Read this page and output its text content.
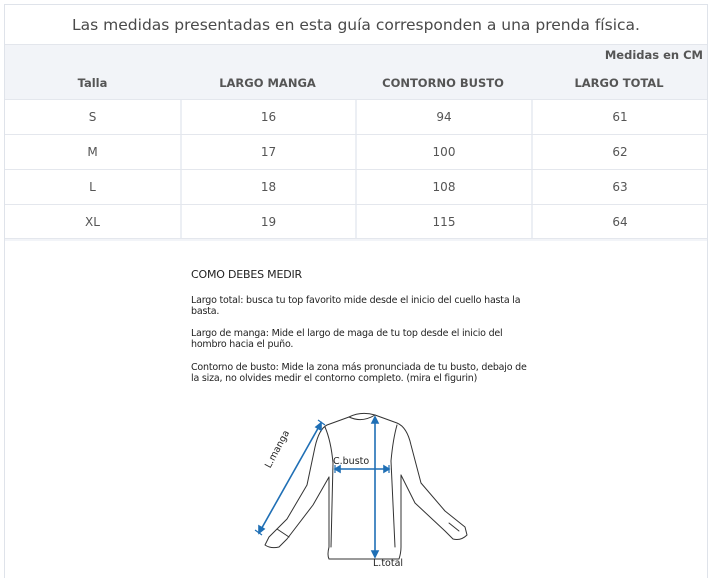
Las medidas presentadas en esta guía corresponden a una prenda física.
Medidas en CM
Talla	LARGO MANGA	CONTORNO BUSTO	LARGO TOTAL
S	16	94	61
M	17	100	62
L	18	108	63
XL	19	115	64
COMO DEBES MEDIR
Largo total: busca tu top favorito mide desde el inicio del cuello hasta la basta.
Largo de manga: Mide el largo de maga de tu top desde el inicio del hombro hacia el puño.
Contorno de busto: Mide la zona más pronunciada de tu busto, debajo de la siza, no olvides medir el contorno completo. (mira el figurin)
C.busto
L.total
L.manga
